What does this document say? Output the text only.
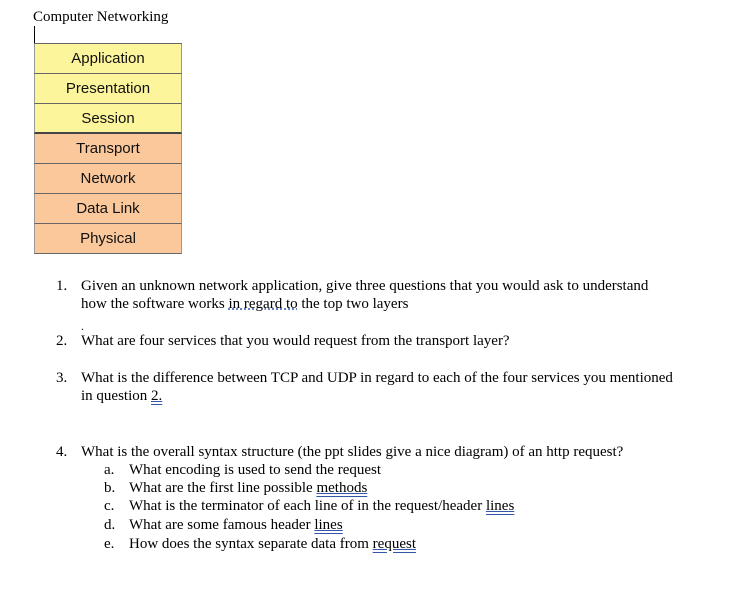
Computer Networking
Application
Presentation
Session
Transport
Network
Data Link
Physical
1. Given an unknown network application, give three questions that you would ask to understand
how the software works in regard to the top two layers
.
2. What are four services that you would request from the transport layer?
3. What is the difference between TCP and UDP in regard to each of the four services you mentioned
in question 2.
4. What is the overall syntax structure (the ppt slides give a nice diagram) of an http request?
a. What encoding is used to send the request
b. What are the first line possible methods
c. What is the terminator of each line of in the request/header lines
d. What are some famous header lines
e. How does the syntax separate data from request
